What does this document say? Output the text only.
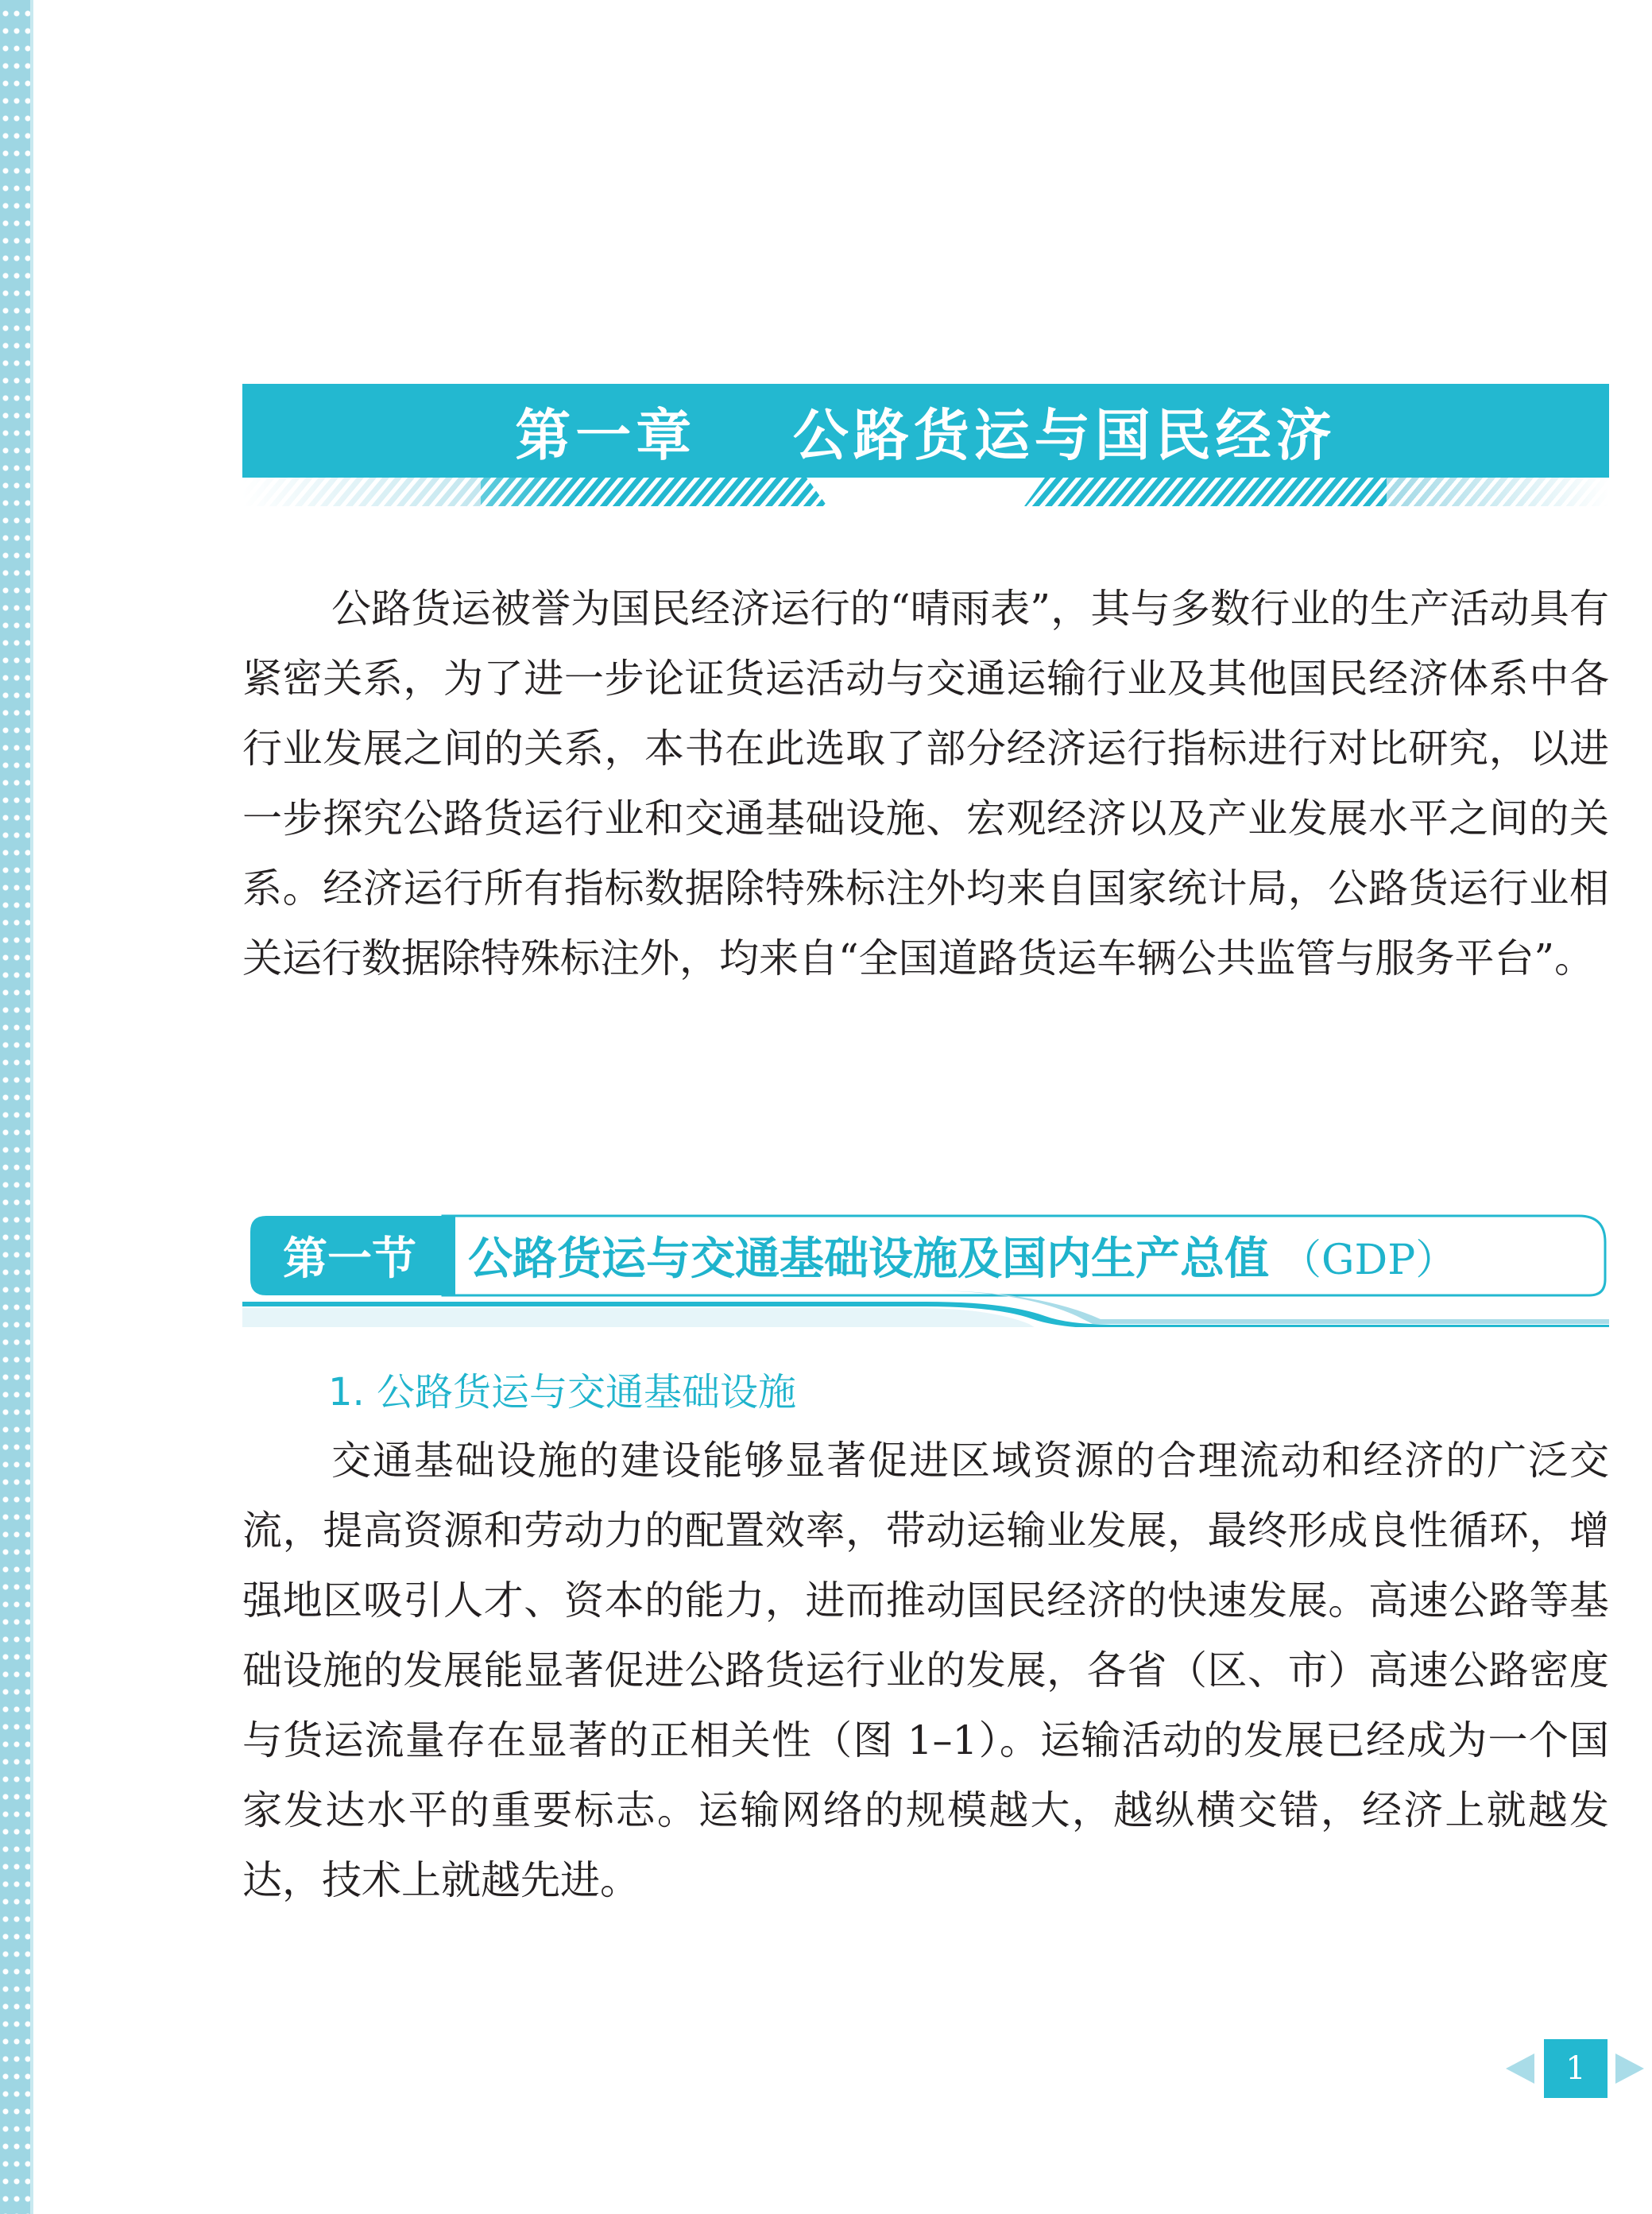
第一章    公路货运与国民经济

公路货运被誉为国民经济运行的“晴雨表”，其与多数行业的生产活动具有紧密关系，为了进一步论证货运活动与交通运输行业及其他国民经济体系中各行业发展之间的关系，本书在此选取了部分经济运行指标进行对比研究，以进一步探究公路货运行业和交通基础设施、宏观经济以及产业发展水平之间的关系。经济运行所有指标数据除特殊标注外均来自国家统计局，公路货运行业相关运行数据除特殊标注外，均来自“全国道路货运车辆公共监管与服务平台”。

第一节	公路货运与交通基础设施及国内生产总值 （GDP）
1. 公路货运与交通基础设施

交通基础设施的建设能够显著促进区域资源的合理流动和经济的广泛交流，提高资源和劳动力的配置效率，带动运输业发展，最终形成良性循环，增强地区吸引人才、资本的能力，进而推动国民经济的快速发展。高速公路等基础设施的发展能显著促进公路货运行业的发展，各省（区、市）高速公路密度与货运流量存在显著的正相关性（图 1–1）。运输活动的发展已经成为一个国家发达水平的重要标志。运输网络的规模越大，越纵横交错，经济上就越发达，技术上就越先进。

1
